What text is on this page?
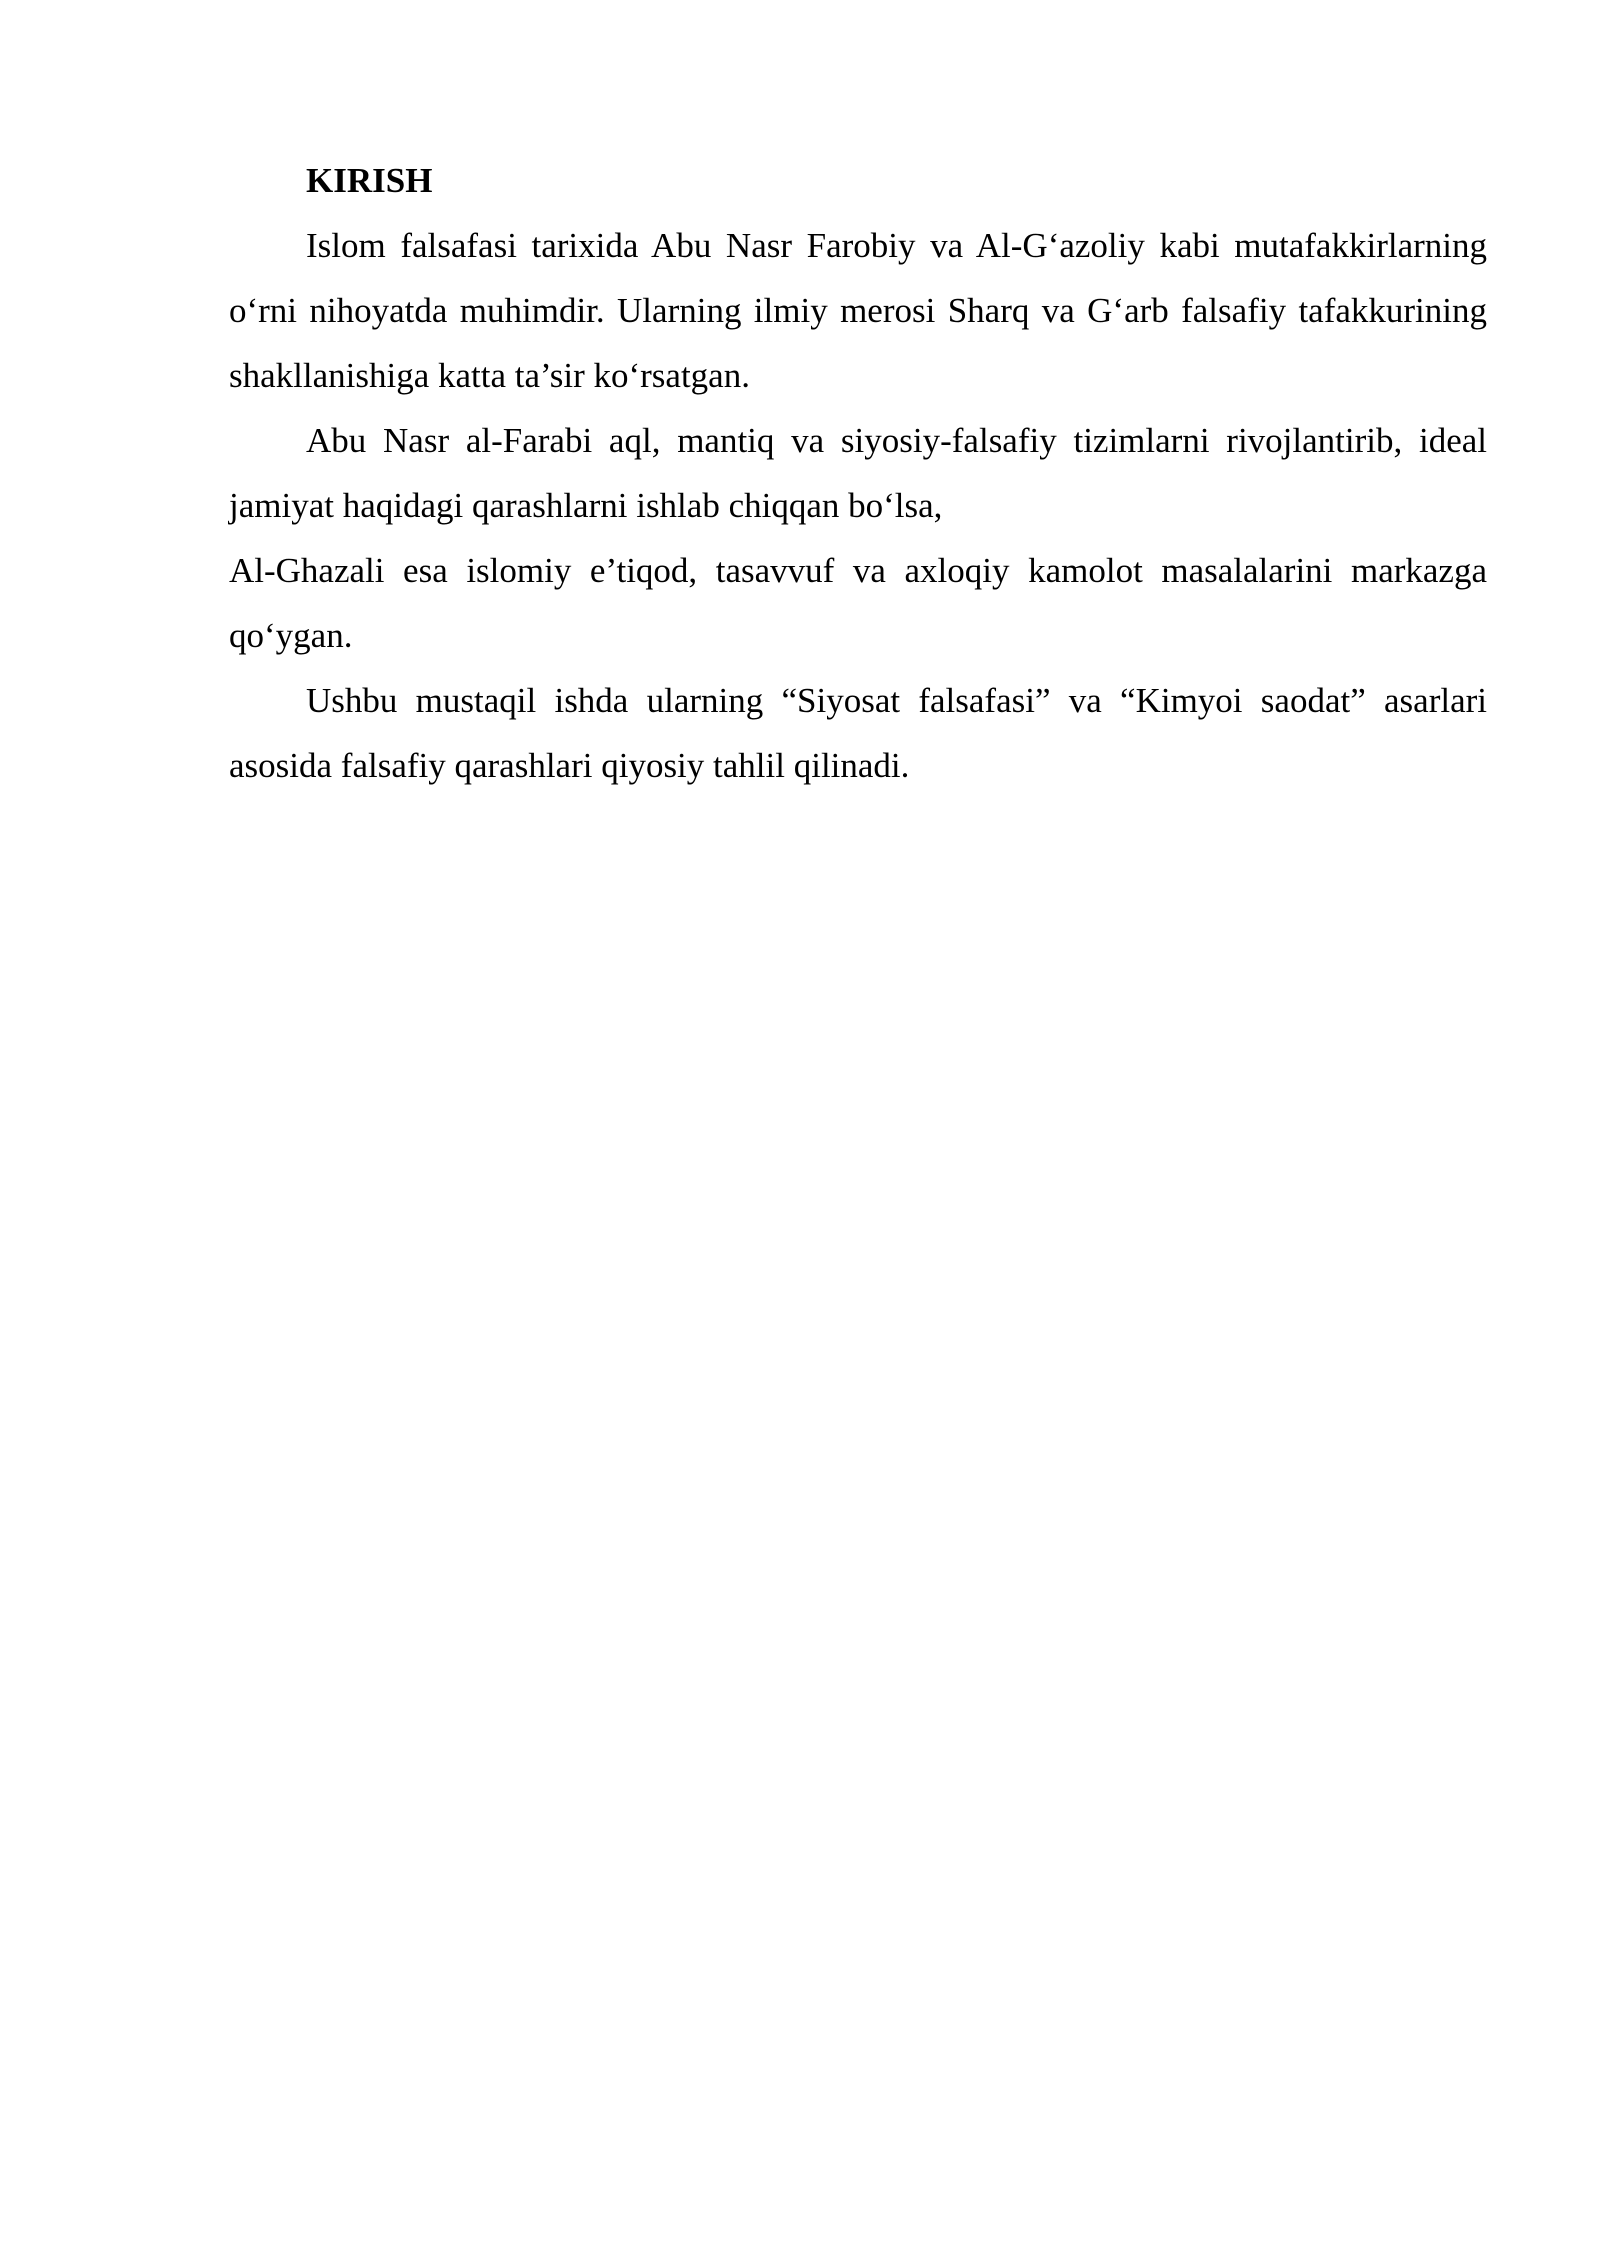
KIRISH

Islom falsafasi tarixida Abu Nasr Farobiy va Al-G‘azoliy kabi mutafakkirlarning o‘rni nihoyatda muhimdir. Ularning ilmiy merosi Sharq va G‘arb falsafiy tafakkurining shakllanishiga katta ta’sir ko‘rsatgan.

Abu Nasr al-Farabi aql, mantiq va siyosiy-falsafiy tizimlarni rivojlantirib, ideal jamiyat haqidagi qarashlarni ishlab chiqqan bo‘lsa,
Al-Ghazali esa islomiy e’tiqod, tasavvuf va axloqiy kamolot masalalarini markazga qo‘ygan.

Ushbu mustaqil ishda ularning “Siyosat falsafasi” va “Kimyoi saodat” asarlari asosida falsafiy qarashlari qiyosiy tahlil qilinadi.
